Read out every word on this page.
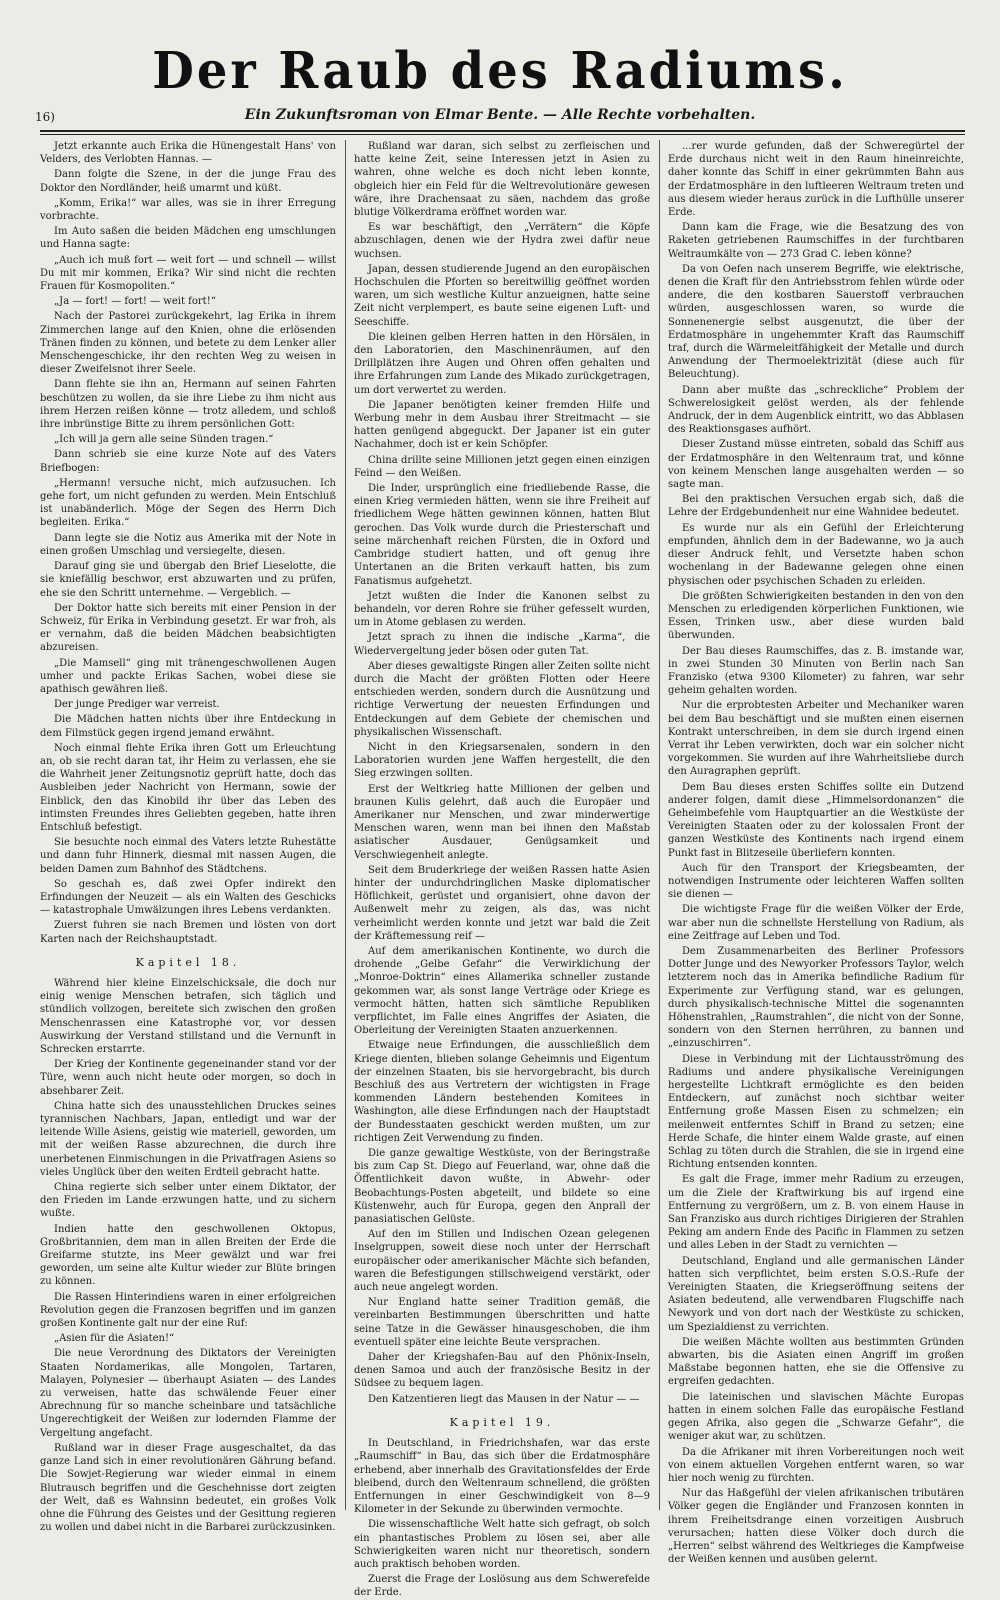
Der Raub des Radiums.
16)	Ein Zukunftsroman von Elmar Bente. — Alle Rechte vorbehalten.

Jetzt erkannte auch Erika die Hünengestalt Hans' von Velders, des Verlobten Hannas. —

Dann folgte die Szene, in der die junge Frau des Doktor den Nordländer, heiß umarmt und küßt.

„Komm, Erika!“ war alles, was sie in ihrer Erregung vorbrachte.

Im Auto saßen die beiden Mädchen eng umschlungen und Hanna sagte:

„Auch ich muß fort — weit fort — und schnell — willst Du mit mir kommen, Erika? Wir sind nicht die rechten Frauen für Kosmopoliten.“

„Ja — fort! — fort! — weit fort!“

Nach der Pastorei zurückgekehrt, lag Erika in ihrem Zimmerchen lange auf den Knien, ohne die erlösenden Tränen finden zu können, und betete zu dem Lenker aller Menschengeschicke, ihr den rechten Weg zu weisen in dieser Zweifelsnot ihrer Seele.

Dann flehte sie ihn an, Hermann auf seinen Fahrten beschützen zu wollen, da sie ihre Liebe zu ihm nicht aus ihrem Herzen reißen könne — trotz alledem, und schloß ihre inbrünstige Bitte zu ihrem persönlichen Gott:

„Ich will ja gern alle seine Sünden tragen.“

Dann schrieb sie eine kurze Note auf des Vaters Briefbogen:

„Hermann! versuche nicht, mich aufzusuchen. Ich gehe fort, um nicht gefunden zu werden. Mein Entschluß ist unabänderlich. Möge der Segen des Herrn Dich begleiten. Erika.“

Dann legte sie die Notiz aus Amerika mit der Note in einen großen Umschlag und versiegelte, diesen.

Darauf ging sie und übergab den Brief Lieselotte, die sie kniefällig beschwor, erst abzuwarten und zu prüfen, ehe sie den Schritt unternehme. — Vergeblich. —

Der Doktor hatte sich bereits mit einer Pension in der Schweiz, für Erika in Verbindung gesetzt. Er war froh, als er vernahm, daß die beiden Mädchen beabsichtigten abzureisen.

„Die Mamsell“ ging mit tränengeschwollenen Augen umher und packte Erikas Sachen, wobei diese sie apathisch gewähren ließ.

Der junge Prediger war verreist.

Die Mädchen hatten nichts über ihre Entdeckung in dem Filmstück gegen irgend jemand erwähnt.

Noch einmal flehte Erika ihren Gott um Erleuchtung an, ob sie recht daran tat, ihr Heim zu verlassen, ehe sie die Wahrheit jener Zeitungsnotiz geprüft hatte, doch das Ausbleiben jeder Nachricht von Hermann, sowie der Einblick, den das Kinobild ihr über das Leben des intimsten Freundes ihres Geliebten gegeben, hatte ihren Entschluß befestigt.

Sie besuchte noch einmal des Vaters letzte Ruhestätte und dann fuhr Hinnerk, diesmal mit nassen Augen, die beiden Damen zum Bahnhof des Städtchens.

So geschah es, daß zwei Opfer indirekt den Erfindungen der Neuzeit — als ein Walten des Geschicks — katastrophale Umwälzungen ihres Lebens verdankten.

Zuerst fuhren sie nach Bremen und lösten von dort Karten nach der Reichshauptstadt.

Kapitel 18.

Während hier kleine Einzelschicksale, die doch nur einig wenige Menschen betrafen, sich täglich und stündlich vollzogen, bereitete sich zwischen den großen Menschenrassen eine Katastrophe vor, vor dessen Auswirkung der Verstand stillstand und die Vernunft in Schrecken erstarrte.

Der Krieg der Kontinente gegeneinander stand vor der Türe, wenn auch nicht heute oder morgen, so doch in absehbarer Zeit.

China hatte sich des unausstehlichen Druckes seines tyrannischen Nachbars, Japan, entledigt und war der leitende Wille Asiens, geistig wie materiell, geworden, um mit der weißen Rasse abzurechnen, die durch ihre unerbetenen Einmischungen in die Privatfragen Asiens so vieles Unglück über den weiten Erdteil gebracht hatte.

China regierte sich selber unter einem Diktator, der den Frieden im Lande erzwungen hatte, und zu sichern wußte.

Indien hatte den geschwollenen Oktopus, Großbritannien, dem man in allen Breiten der Erde die Greifarme stutzte, ins Meer gewälzt und war frei geworden, um seine alte Kultur wieder zur Blüte bringen zu können.

Die Rassen Hinterindiens waren in einer erfolgreichen Revolution gegen die Franzosen begriffen und im ganzen großen Kontinente galt nur der eine Ruf:

„Asien für die Asiaten!“

Die neue Verordnung des Diktators der Vereinigten Staaten Nordamerikas, alle Mongolen, Tartaren, Malayen, Polynesier — überhaupt Asiaten — des Landes zu verweisen, hatte das schwälende Feuer einer Abrechnung für so manche scheinbare und tatsächliche Ungerechtigkeit der Weißen zur lodernden Flamme der Vergeltung angefacht.

Rußland war in dieser Frage ausgeschaltet, da das ganze Land sich in einer revolutionären Gährung befand. Die Sowjet-Regierung war wieder einmal in einem Blutrausch begriffen und die Geschehnisse dort zeigten der Welt, daß es Wahnsinn bedeutet, ein großes Volk ohne die Führung des Geistes und der Gesittung regieren zu wollen und dabei nicht in die Barbarei zurückzusinken.

Rußland war daran, sich selbst zu zerfleischen und hatte keine Zeit, seine Interessen jetzt in Asien zu wahren, ohne welche es doch nicht leben konnte, obgleich hier ein Feld für die Weltrevolutionäre gewesen wäre, ihre Drachensaat zu säen, nachdem das große blutige Völkerdrama eröffnet worden war.

Es war beschäftigt, den „Verrätern“ die Köpfe abzuschlagen, denen wie der Hydra zwei dafür neue wuchsen.

Japan, dessen studierende Jugend an den europäischen Hochschulen die Pforten so bereitwillig geöffnet worden waren, um sich westliche Kultur anzueignen, hatte seine Zeit nicht verplempert, es baute seine eigenen Luft- und Seeschiffe.

Die kleinen gelben Herren hatten in den Hörsälen, in den Laboratorien, den Maschinenräumen, auf den Drillplätzen ihre Augen und Ohren offen gehalten und ihre Erfahrungen zum Lande des Mikado zurückgetragen, um dort verwertet zu werden.

Die Japaner benötigten keiner fremden Hilfe und Werbung mehr in dem Ausbau ihrer Streitmacht — sie hatten genügend abgeguckt. Der Japaner ist ein guter Nachahmer, doch ist er kein Schöpfer.

China drillte seine Millionen jetzt gegen einen einzigen Feind — den Weißen.

Die Inder, ursprünglich eine friedliebende Rasse, die einen Krieg vermieden hätten, wenn sie ihre Freiheit auf friedlichem Wege hätten gewinnen können, hatten Blut gerochen. Das Volk wurde durch die Priesterschaft und seine märchenhaft reichen Fürsten, die in Oxford und Cambridge studiert hatten, und oft genug ihre Untertanen an die Briten verkauft hatten, bis zum Fanatismus aufgehetzt.

Jetzt wußten die Inder die Kanonen selbst zu behandeln, vor deren Rohre sie früher gefesselt wurden, um in Atome geblasen zu werden.

Jetzt sprach zu ihnen die indische „Karma“, die Wiedervergeltung jeder bösen oder guten Tat.

Aber dieses gewaltigste Ringen aller Zeiten sollte nicht durch die Macht der größten Flotten oder Heere entschieden werden, sondern durch die Ausnützung und richtige Verwertung der neuesten Erfindungen und Entdeckungen auf dem Gebiete der chemischen und physikalischen Wissenschaft.

Nicht in den Kriegsarsenalen, sondern in den Laboratorien wurden jene Waffen hergestellt, die den Sieg erzwingen sollten.

Erst der Weltkrieg hatte Millionen der gelben und braunen Kulis gelehrt, daß auch die Europäer und Amerikaner nur Menschen, und zwar minderwertige Menschen waren, wenn man bei ihnen den Maßstab asiatischer Ausdauer, Genügsamkeit und Verschwiegenheit anlegte.

Seit dem Bruderkriege der weißen Rassen hatte Asien hinter der undurchdringlichen Maske diplomatischer Höflichkeit, gerüstet und organisiert, ohne davon der Außenwelt mehr zu zeigen, als das, was nicht verheimlicht werden konnte und jetzt war bald die Zeit der Kräftemessung reif —

Auf dem amerikanischen Kontinente, wo durch die drohende „Gelbe Gefahr“ die Verwirklichung der „Monroe-Doktrin“ eines Allamerika schneller zustande gekommen war, als sonst lange Verträge oder Kriege es vermocht hätten, hatten sich sämtliche Republiken verpflichtet, im Falle eines Angriffes der Asiaten, die Oberleitung der Vereinigten Staaten anzuerkennen.

Etwaige neue Erfindungen, die ausschließlich dem Kriege dienten, blieben solange Geheimnis und Eigentum der einzelnen Staaten, bis sie hervorgebracht, bis durch Beschluß des aus Vertretern der wichtigsten in Frage kommenden Ländern bestehenden Komitees in Washington, alle diese Erfindungen nach der Hauptstadt der Bundesstaaten geschickt werden mußten, um zur richtigen Zeit Verwendung zu finden.

Die ganze gewaltige Westküste, von der Beringstraße bis zum Cap St. Diego auf Feuerland, war, ohne daß die Öffentlichkeit davon wußte, in Abwehr- oder Beobachtungs-Posten abgeteilt, und bildete so eine Küstenwehr, auch für Europa, gegen den Anprall der panasiatischen Gelüste.

Auf den im Stillen und Indischen Ozean gelegenen Inselgruppen, soweit diese noch unter der Herrschaft europäischer oder amerikanischer Mächte sich befanden, waren die Befestigungen stillschweigend verstärkt, oder auch neue angelegt worden.

Nur England hatte seiner Tradition gemäß, die vereinbarten Bestimmungen überschritten und hatte seine Tatze in die Gewässer hinausgeschoben, die ihm eventuell später eine leichte Beute versprachen.

Daher der Kriegshafen-Bau auf den Phönix-Inseln, denen Samoa und auch der französische Besitz in der Südsee zu bequem lagen.

Den Katzentieren liegt das Mausen in der Natur — —

Kapitel 19.

In Deutschland, in Friedrichshafen, war das erste „Raumschiff“ in Bau, das sich über die Erdatmosphäre erhebend, aber innerhalb des Gravitationsfeldes der Erde bleibend, durch den Weltenraum schnellend, die größten Entfernungen in einer Geschwindigkeit von 8—9 Kilometer in der Sekunde zu überwinden vermochte.

Die wissenschaftliche Welt hatte sich gefragt, ob solch ein phantastisches Problem zu lösen sei, aber alle Schwierigkeiten waren nicht nur theoretisch, sondern auch praktisch behoben worden.

Zuerst die Frage der Loslösung aus dem Schwerefelde der Erde.

...rer wurde gefunden, daß der Schweregürtel der Erde durchaus nicht weit in den Raum hineinreichte, daher konnte das Schiff in einer gekrümmten Bahn aus der Erdatmosphäre in den luftleeren Weltraum treten und aus diesem wieder heraus zurück in die Lufthülle unserer Erde.

Dann kam die Frage, wie die Besatzung des von Raketen getriebenen Raumschiffes in der furchtbaren Weltraumkälte von — 273 Grad C. leben könne?

Da von Oefen nach unserem Begriffe, wie elektrische, denen die Kraft für den Antriebsstrom fehlen würde oder andere, die den kostbaren Sauerstoff verbrauchen würden, ausgeschlossen waren, so wurde die Sonnenenergie selbst ausgenutzt, die über der Erdatmosphäre in ungehemmter Kraft das Raumschiff traf, durch die Wärmeleitfähigkeit der Metalle und durch Anwendung der Thermoelektrizität (diese auch für Beleuchtung).

Dann aber mußte das „schreckliche“ Problem der Schwerelosigkeit gelöst werden, als der fehlende Andruck, der in dem Augenblick eintritt, wo das Abblasen des Reaktionsgases aufhört.

Dieser Zustand müsse eintreten, sobald das Schiff aus der Erdatmosphäre in den Weltenraum trat, und könne von keinem Menschen lange ausgehalten werden — so sagte man.

Bei den praktischen Versuchen ergab sich, daß die Lehre der Erdgebundenheit nur eine Wahnidee bedeutet.

Es wurde nur als ein Gefühl der Erleichterung empfunden, ähnlich dem in der Badewanne, wo ja auch dieser Andruck fehlt, und Versetzte haben schon wochenlang in der Badewanne gelegen ohne einen physischen oder psychischen Schaden zu erleiden.

Die größten Schwierigkeiten bestanden in den von den Menschen zu erledigenden körperlichen Funktionen, wie Essen, Trinken usw., aber diese wurden bald überwunden.

Der Bau dieses Raumschiffes, das z. B. imstande war, in zwei Stunden 30 Minuten von Berlin nach San Franzisko (etwa 9300 Kilometer) zu fahren, war sehr geheim gehalten worden.

Nur die erprobtesten Arbeiter und Mechaniker waren bei dem Bau beschäftigt und sie mußten einen eisernen Kontrakt unterschreiben, in dem sie durch irgend einen Verrat ihr Leben verwirkten, doch war ein solcher nicht vorgekommen. Sie wurden auf ihre Wahrheitsliebe durch den Auragraphen geprüft.

Dem Bau dieses ersten Schiffes sollte ein Dutzend anderer folgen, damit diese „Himmelsordonanzen“ die Geheimbefehle vom Hauptquartier an die Westküste der Vereinigten Staaten oder zu der kolossalen Front der ganzen Westküste des Kontinents nach irgend einem Punkt fast in Blitzeseile überliefern konnten.

Auch für den Transport der Kriegsbeamten, der notwendigen Instrumente oder leichteren Waffen sollten sie dienen —

Die wichtigste Frage für die weißen Völker der Erde, war aber nun die schnellste Herstellung von Radium, als eine Zeitfrage auf Leben und Tod.

Dem Zusammenarbeiten des Berliner Professors Dotter Junge und des Newyorker Professors Taylor, welch letzterem noch das in Amerika befindliche Radium für Experimente zur Verfügung stand, war es gelungen, durch physikalisch-technische Mittel die sogenannten Höhenstrahlen, „Raumstrahlen“, die nicht von der Sonne, sondern von den Sternen herrühren, zu bannen und „einzuschirren“.

Diese in Verbindung mit der Lichtausströmung des Radiums und andere physikalische Vereinigungen hergestellte Lichtkraft ermöglichte es den beiden Entdeckern, auf zunächst noch sichtbar weiter Entfernung große Massen Eisen zu schmelzen; ein meilenweit entferntes Schiff in Brand zu setzen; eine Herde Schafe, die hinter einem Walde graste, auf einen Schlag zu töten durch die Strahlen, die sie in irgend eine Richtung entsenden konnten.

Es galt die Frage, immer mehr Radium zu erzeugen, um die Ziele der Kraftwirkung bis auf irgend eine Entfernung zu vergrößern, um z. B. von einem Hause in San Franzisko aus durch richtiges Dirigieren der Strahlen Peking am andern Ende des Pacific in Flammen zu setzen und alles Leben in der Stadt zu vernichten —

Deutschland, England und alle germanischen Länder hatten sich verpflichtet, beim ersten S.O.S.-Rufe der Vereinigten Staaten, die Kriegseröffnung seitens der Asiaten bedeutend, alle verwendbaren Flugschiffe nach Newyork und von dort nach der Westküste zu schicken, um Spezialdienst zu verrichten.

Die weißen Mächte wollten aus bestimmten Gründen abwarten, bis die Asiaten einen Angriff im großen Maßstabe begonnen hatten, ehe sie die Offensive zu ergreifen gedachten.

Die lateinischen und slavischen Mächte Europas hatten in einem solchen Falle das europäische Festland gegen Afrika, also gegen die „Schwarze Gefahr“, die weniger akut war, zu schützen.

Da die Afrikaner mit ihren Vorbereitungen noch weit von einem aktuellen Vorgehen entfernt waren, so war hier noch wenig zu fürchten.

Nur das Haßgefühl der vielen afrikanischen tributären Völker gegen die Engländer und Franzosen konnten in ihrem Freiheitsdrange einen vorzeitigen Ausbruch verursachen; hatten diese Völker doch durch die „Herren“ selbst während des Weltkrieges die Kampfweise der Weißen kennen und ausüben gelernt.
